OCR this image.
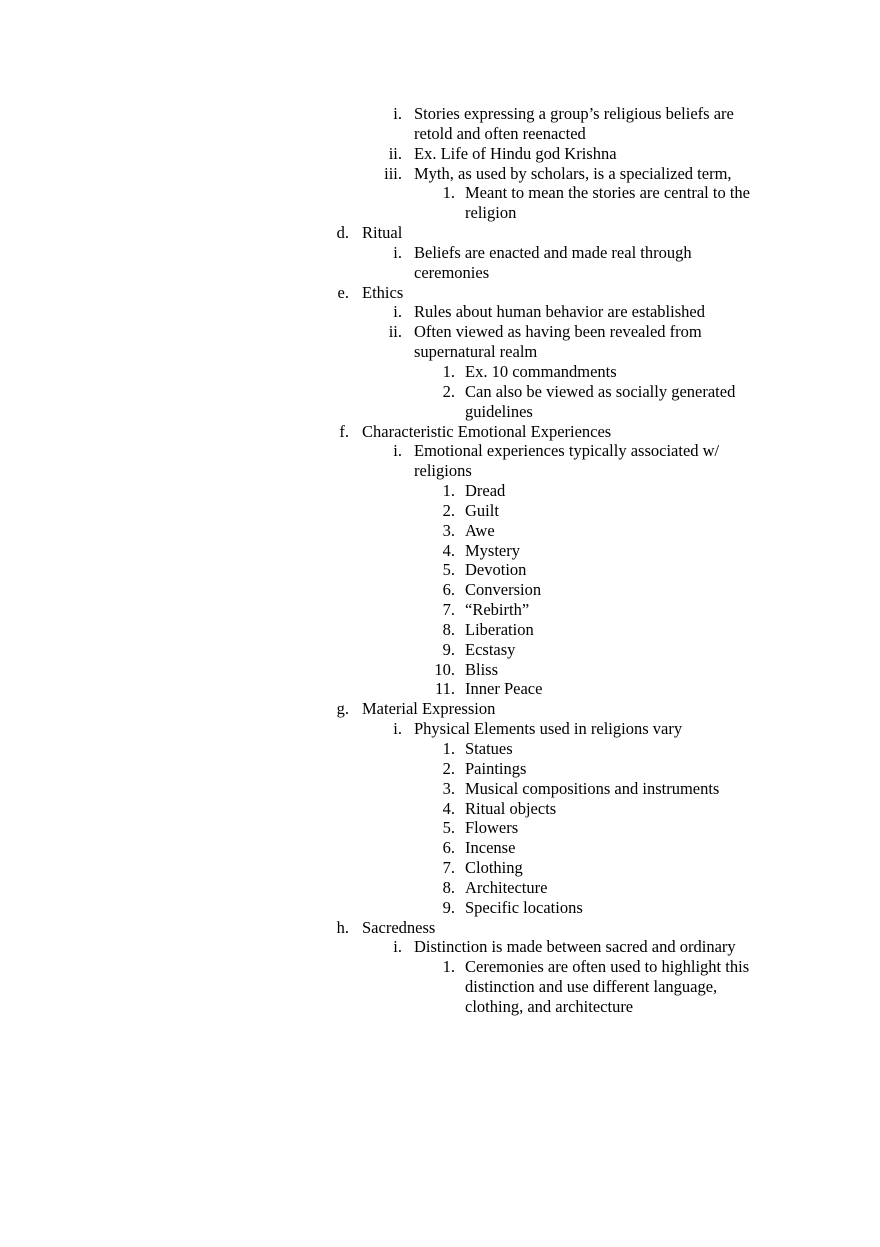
i. Stories expressing a group’s religious beliefs are
retold and often reenacted
ii. Ex. Life of Hindu god Krishna
iii. Myth, as used by scholars, is a specialized term,
1. Meant to mean the stories are central to the
religion
d. Ritual
i. Beliefs are enacted and made real through
ceremonies
e. Ethics
i. Rules about human behavior are established
ii. Often viewed as having been revealed from
supernatural realm
1. Ex. 10 commandments
2. Can also be viewed as socially generated
guidelines
f. Characteristic Emotional Experiences
i. Emotional experiences typically associated w/
religions
1. Dread
2. Guilt
3. Awe
4. Mystery
5. Devotion
6. Conversion
7. “Rebirth”
8. Liberation
9. Ecstasy
10. Bliss
11. Inner Peace
g. Material Expression
i. Physical Elements used in religions vary
1. Statues
2. Paintings
3. Musical compositions and instruments
4. Ritual objects
5. Flowers
6. Incense
7. Clothing
8. Architecture
9. Specific locations
h. Sacredness
i. Distinction is made between sacred and ordinary
1. Ceremonies are often used to highlight this
distinction and use different language,
clothing, and architecture
